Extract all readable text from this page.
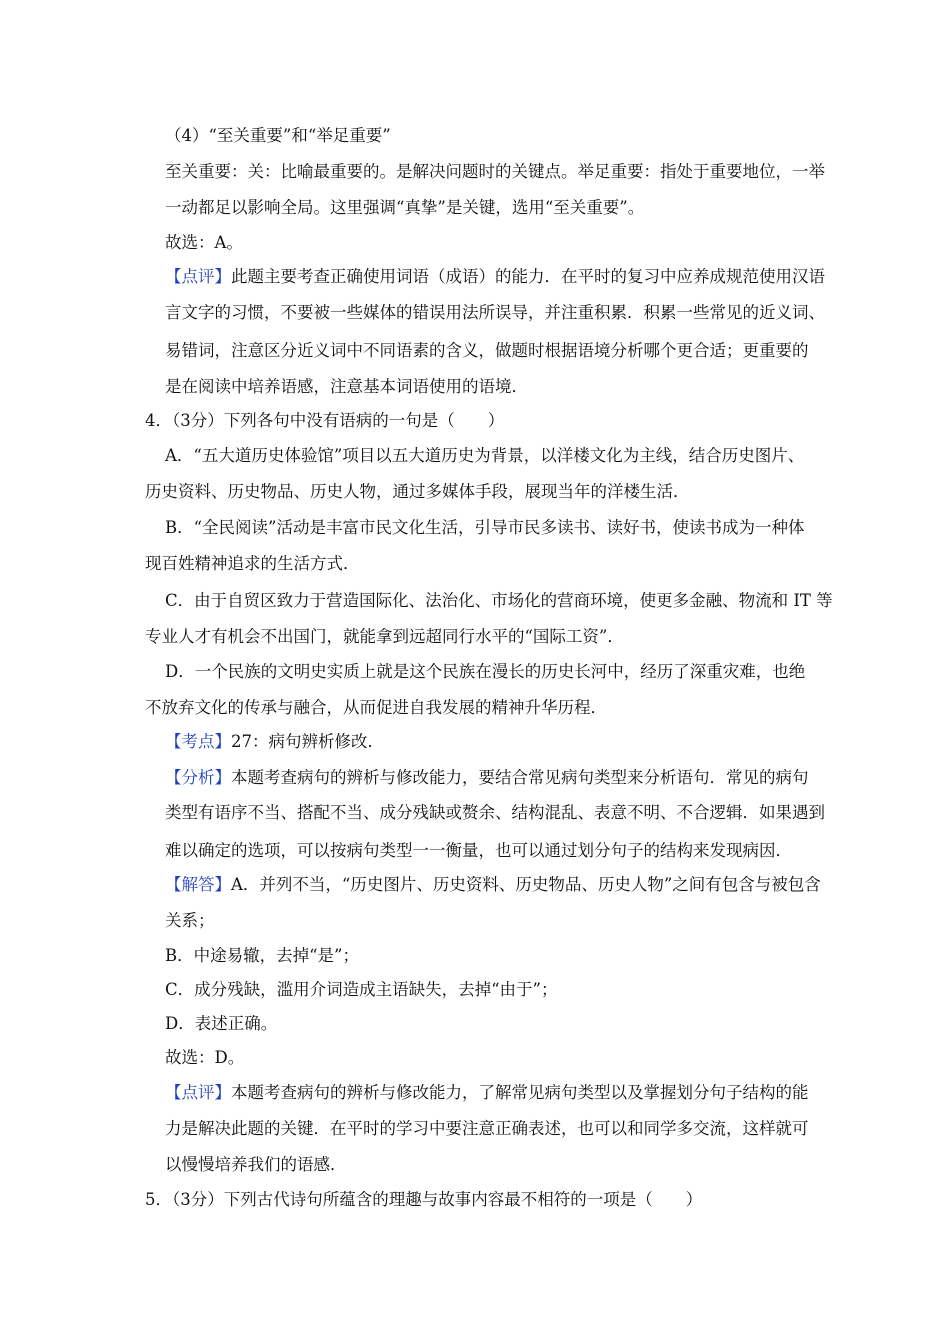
（4）“至关重要”和“举足重要”
至关重要：关：比喻最重要的。是解决问题时的关键点。举足重要：指处于重要地位，一举
一动都足以影响全局。这里强调“真挚”是关键，选用“至关重要”。
故选：A。
【点评】此题主要考查正确使用词语（成语）的能力．在平时的复习中应养成规范使用汉语
言文字的习惯，不要被一些媒体的错误用法所误导，并注重积累．积累一些常见的近义词、
易错词，注意区分近义词中不同语素的含义，做题时根据语境分析哪个更合适；更重要的
是在阅读中培养语感，注意基本词语使用的语境．
4．（3分）下列各句中没有语病的一句是（　　）
A．“五大道历史体验馆”项目以五大道历史为背景，以洋楼文化为主线，结合历史图片、
历史资料、历史物品、历史人物，通过多媒体手段，展现当年的洋楼生活．
B．“全民阅读”活动是丰富市民文化生活，引导市民多读书、读好书，使读书成为一种体
现百姓精神追求的生活方式．
C．由于自贸区致力于营造国际化、法治化、市场化的营商环境，使更多金融、物流和 IT 等
专业人才有机会不出国门，就能拿到远超同行水平的“国际工资”．
D．一个民族的文明史实质上就是这个民族在漫长的历史长河中，经历了深重灾难，也绝
不放弃文化的传承与融合，从而促进自我发展的精神升华历程．
【考点】27：病句辨析修改．
【分析】本题考查病句的辨析与修改能力，要结合常见病句类型来分析语句．常见的病句
类型有语序不当、搭配不当、成分残缺或赘余、结构混乱、表意不明、不合逻辑．如果遇到
难以确定的选项，可以按病句类型一一衡量，也可以通过划分句子的结构来发现病因．
【解答】A．并列不当，“历史图片、历史资料、历史物品、历史人物”之间有包含与被包含
关系；
B．中途易辙，去掉“是”；
C．成分残缺，滥用介词造成主语缺失，去掉“由于”；
D．表述正确。
故选：D。
【点评】本题考查病句的辨析与修改能力，了解常见病句类型以及掌握划分句子结构的能
力是解决此题的关键．在平时的学习中要注意正确表述，也可以和同学多交流，这样就可
以慢慢培养我们的语感．
5．（3分）下列古代诗句所蕴含的理趣与故事内容最不相符的一项是（　　）
